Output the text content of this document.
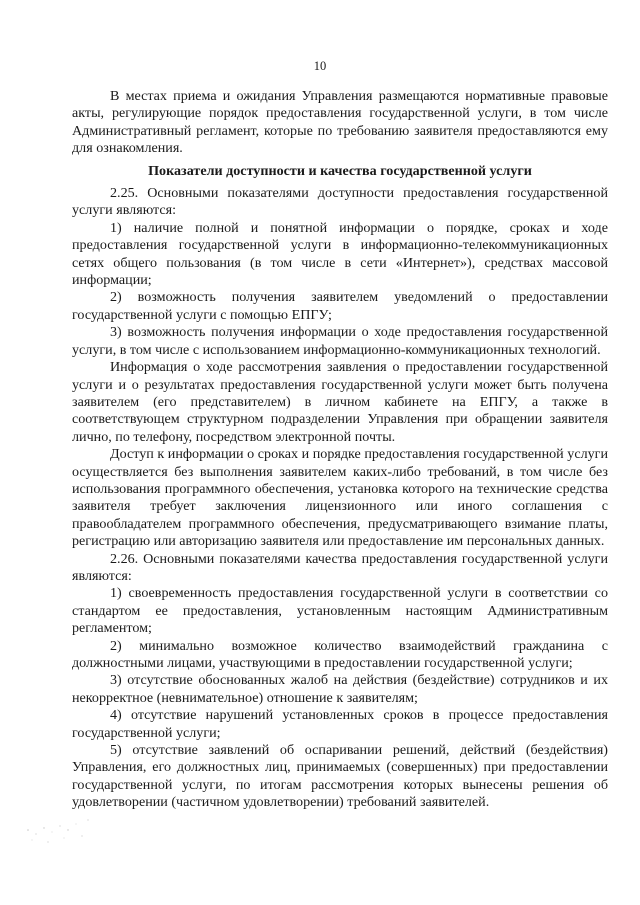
10

В местах приема и ожидания Управления размещаются нормативные правовые акты, регулирующие порядок предоставления государственной услуги, в том числе Административный регламент, которые по требованию заявителя предоставляются ему для ознакомления.

Показатели доступности и качества государственной услуги

2.25. Основными показателями доступности предоставления государственной услуги являются:

1) наличие полной и понятной информации о порядке, сроках и ходе предоставления государственной услуги в информационно-телекоммуникационных сетях общего пользования (в том числе в сети «Интернет»), средствах массовой информации;

2) возможность получения заявителем уведомлений о предоставлении государственной услуги с помощью ЕПГУ;

3) возможность получения информации о ходе предоставления государственной услуги, в том числе с использованием информационно-коммуникационных технологий.

Информация о ходе рассмотрения заявления о предоставлении государственной услуги и о результатах предоставления государственной услуги может быть получена заявителем (его представителем) в личном кабинете на ЕПГУ, а также в соответствующем структурном подразделении Управления при обращении заявителя лично, по телефону, посредством электронной почты.

Доступ к информации о сроках и порядке предоставления государственной услуги осуществляется без выполнения заявителем каких-либо требований, в том числе без использования программного обеспечения, установка которого на технические средства заявителя требует заключения лицензионного или иного соглашения с правообладателем программного обеспечения, предусматривающего взимание платы, регистрацию или авторизацию заявителя или предоставление им персональных данных.

2.26. Основными показателями качества предоставления государственной услуги являются:

1) своевременность предоставления государственной услуги в соответствии со стандартом ее предоставления, установленным настоящим Административным регламентом;

2) минимально возможное количество взаимодействий гражданина с должностными лицами, участвующими в предоставлении государственной услуги;

3) отсутствие обоснованных жалоб на действия (бездействие) сотрудников и их некорректное (невнимательное) отношение к заявителям;

4) отсутствие нарушений установленных сроков в процессе предоставления государственной услуги;

5) отсутствие заявлений об оспаривании решений, действий (бездействия) Управления, его должностных лиц, принимаемых (совершенных) при предоставлении государственной услуги, по итогам рассмотрения которых вынесены решения об удовлетворении (частичном удовлетворении) требований заявителей.
